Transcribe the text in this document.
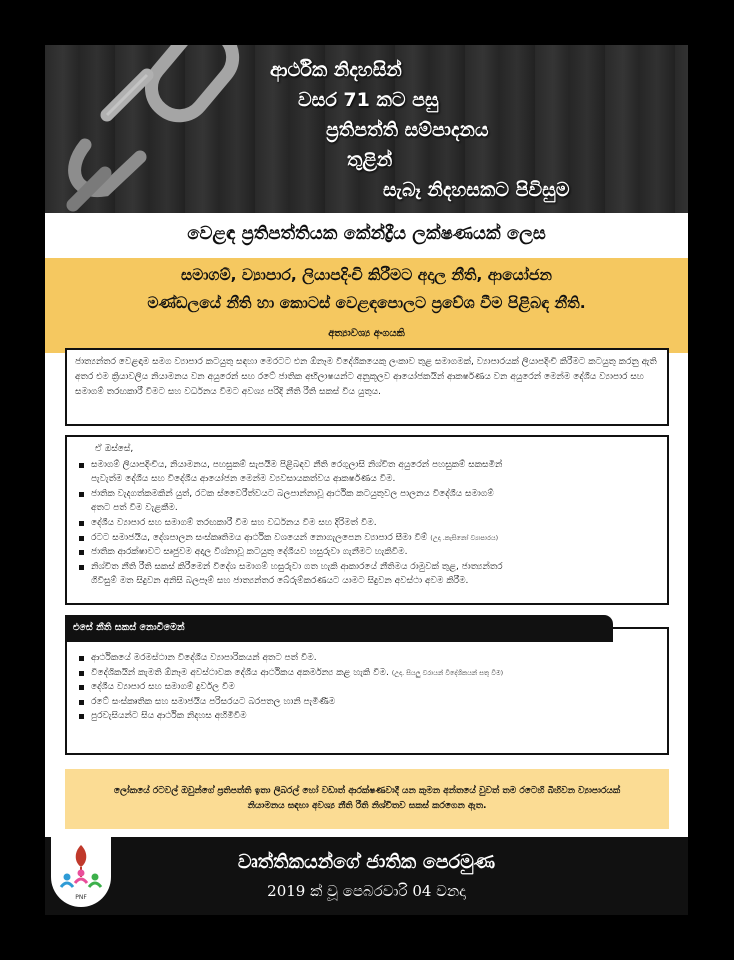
ආර්ථික නිදහසින්
වසර 71 කට පසු
ප්‍රතිපත්ති සම්පාදනය
තුළින්
සැබෑ නිදහසකට පිවිසුම
වෙළඳ ප්‍රතිපත්තියක කේන්ද්‍රීය ලක්ෂණයක් ලෙස
සමාගම්, ව්‍යාපාර, ලියාපදිංචි කිරීමට අදාල නීති, ආයෝජන
මණ්ඩලයේ නීති හා කොටස් වෙළඳපොලට ප්‍රවේශ වීම පිළිබඳ නීති.
අත්‍යාවශ්‍ය අංගයකි
ජාත්‍යන්තර වෙළඳාම සමග ව්‍යාපාර කටයුතු සඳහා මෙරටට එන ඕනෑම විදේශිකයෙකු ලංකාව තුළ සමාගමක්, ව්‍යාපාරයක් ලියාපදිංචි කිරීමට කටයුතු කරනු ඇති අතර එම ක්‍රියාවලිය නියාමනය වන අයුරෙන් සහ රටේ ජාතික අභිලාෂයන්ට අනුකූලව ආයෝජකයින් ආකර්ෂණය වන අයුරෙන් මෙන්ම දේශීය ව්‍යාපාර සහ සමාගම් තරඟකාරී වීමට සහ වර්ධනය වීමට අවශ්‍ය පරිදි නීති රීති සකස් විය යුතුය.
ඒ ඔස්සේ,
සමාගම් ලියාපදිංචිය, නියාමනය, පහසුකම් සැපයීම පිළිබඳව නීති රෙගුලාසි නිශ්චිත අයුරෙන් පහසුකම් සකසමින්
පැවැත්ම දේශීය සහ විදේශීය ආයෝජන මෙන්ම ව්‍යවසායකත්වය ආකර්ෂණය වීම.
ජාතික වැදගත්කමකින් යුත්, රටක ස්වෛරීත්වයට බලපාන්නාවූ ආර්ථික කටයුතුවල පාලනය විදේශීය සමාගම්
අතට පත් වීම වැළකීම.
දේශීය ව්‍යාපාර සහ සමාගම් තරඟකාරී වීම සහ වර්ධනය වීම සහ දිරිමත් වීම.
රටට සමාජයීය, දේශපාලන සංස්කෘතිමය ආර්ථික වශයෙන් නොගැලපෙන ව්‍යාපාර සීමා වීම් (උදා .කැසිනෝ ව්‍යාපාරය)
ජාතික ආරක්ෂාවට සෘජුවම අදාල විශ්නාවූ කටයුතු දේශීයව හසුරුවා ගැනීමට හැකිවීම.
නිශ්චිත නීති රීති සකස් කිරීමෙන් විදේශ සමාගම් හසුරුවා ගත හැකි ආකාරයේ නීතිමය රාමුවක් තුළ, ජාත්‍යන්තර
ගිවිසුම් මත සිදුවන අනිසි බලපෑම් සහ ජාත්‍යන්තර බේරුම්කරණයට යාමට සිදුවන අවස්ථා අවම කිරීම.
ආර්ථිකයේ මරමස්ථාන විදේශීය ව්‍යාපාරිකයන් අතට පත් වීම.
විදේශිකයින් කැමති ඕනෑම අවස්ථාවක දේශීය ආර්ථිකය අකර්මන්‍ය කළ හැකි වීම. (උදා. සියලු වරායන් විදේශිකයන් සතු වීම)
දේශීය ව්‍යාපාර සහ සමාගම් දුර්වල වීම
රටේ සංස්කෘතික සහ සමාජයීය පරිසරයට බරපතල හානි පැමිණීම
පුරවැසියන්ට සිය ආර්ථික නිදහස අහිමිවීම
එසේ නීති සකස් නොවීමෙන්
ලෝකයේ රටවල් ඔවුන්ගේ ප්‍රතිපත්ති ඉතා ලිබරල් හෝ වඩාත් ආරක්ෂණවාදී යන කුමන අන්තයේ වුවත් තම රටෙහි බිහිවන ව්‍යාපාරයක්
නියාමනය සඳහා අවශ්‍ය නීති රීති නිශ්චිතව සකස් කරගෙන ඇත.
PNF
වෘත්තිකයන්ගේ ජාතික පෙරමුණ
2019 ක් වූ පෙබරවාරි 04 වනදා
